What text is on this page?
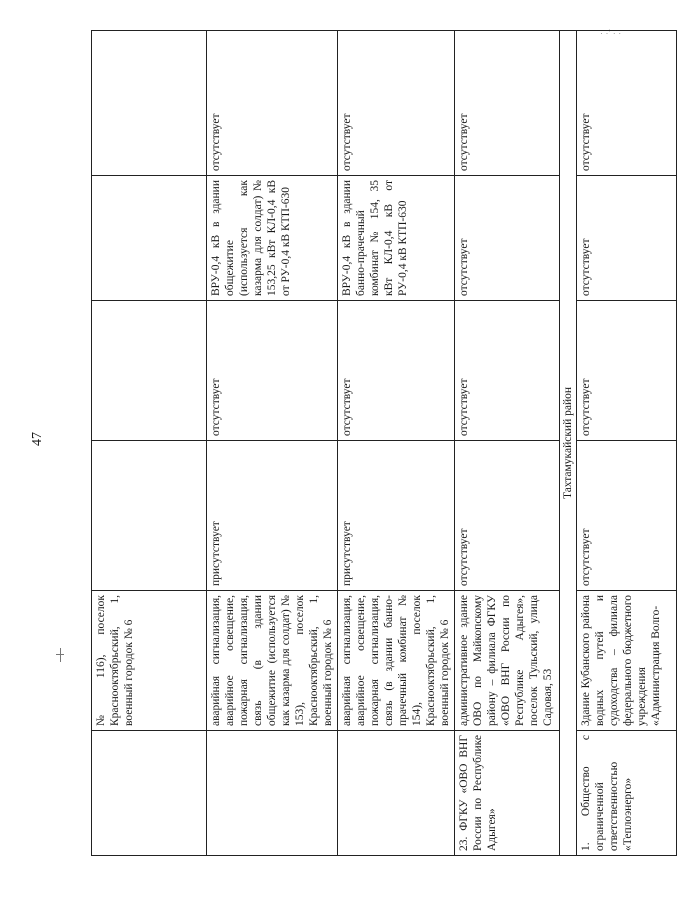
· ·' · ·
47
	№ 116), поселок Краснооктябрьский, 1, военный городок № 6				
	аварийная сигнализация, аварийное освещение, пожарная сигнализация, связь (в здании общежитие (используется как казарма для солдат) № 153), поселок Краснооктябрьский, 1, военный городок № 6	присутствует	отсутствует	ВРУ-0,4 кВ в здании общежитие (используется как казарма для солдат) № 153,25 кВт КЛ-0,4 кВ от РУ-0,4 кВ КТП-630	отсутствует
	аварийная сигнализация, аварийное освещение, пожарная сигнализация, связь (в здании банно-прачечный комбинат № 154), поселок Краснооктябрьский, 1, военный городок № 6	присутствует	отсутствует	ВРУ-0,4 кВ в здании банно-прачечный комбинат № 154, 35 кВт КЛ-0,4 кВ от РУ-0,4 кВ КТП-630	отсутствует
23. ФГКУ «ОВО ВНГ России по Республике Адыгея»	административное здание ОВО по Майкопскому району – филиала ФГКУ «ОВО ВНГ России по Республике Адыгея», поселок Тульский, улица Садовая, 53	отсутствует	отсутствует	отсутствует	отсутствует
Тахтамукайский район					
1. Общество с ограниченной ответственностью «Теплоэнерго»	Здание Кубанского района водных путей и судоходства – филиала федерального бюджетного учреждения «Администрация Волго-	отсутствует	отсутствует	отсутствует	отсутствует
